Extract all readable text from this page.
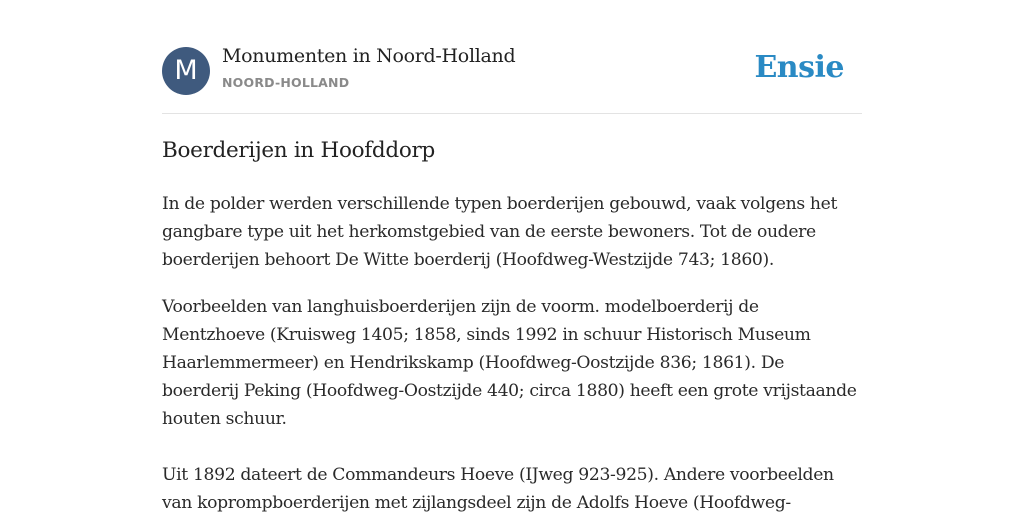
M	Monumenten in Noord-Holland
NOORD-HOLLAND	Ensie
Boerderijen in Hoofddorp

In de polder werden verschillende typen boerderijen gebouwd, vaak volgens het gangbare type uit het herkomstgebied van de eerste bewoners. Tot de oudere boerderijen behoort De Witte boerderij (Hoofdweg-Westzijde 743; 1860).

Voorbeelden van langhuisboerderijen zijn de voorm. modelboerderij de Mentzhoeve (Kruisweg 1405; 1858, sinds 1992 in schuur Historisch Museum Haarlemmermeer) en Hendrikskamp (Hoofdweg-Oostzijde 836; 1861). De boerderij Peking (Hoofdweg-Oostzijde 440; circa 1880) heeft een grote vrijstaande houten schuur.

Uit 1892 dateert de Commandeurs Hoeve (IJweg 923-925). Andere voorbeelden van koprompboerderijen met zijlangsdeel zijn de Adolfs Hoeve (Hoofdweg-
